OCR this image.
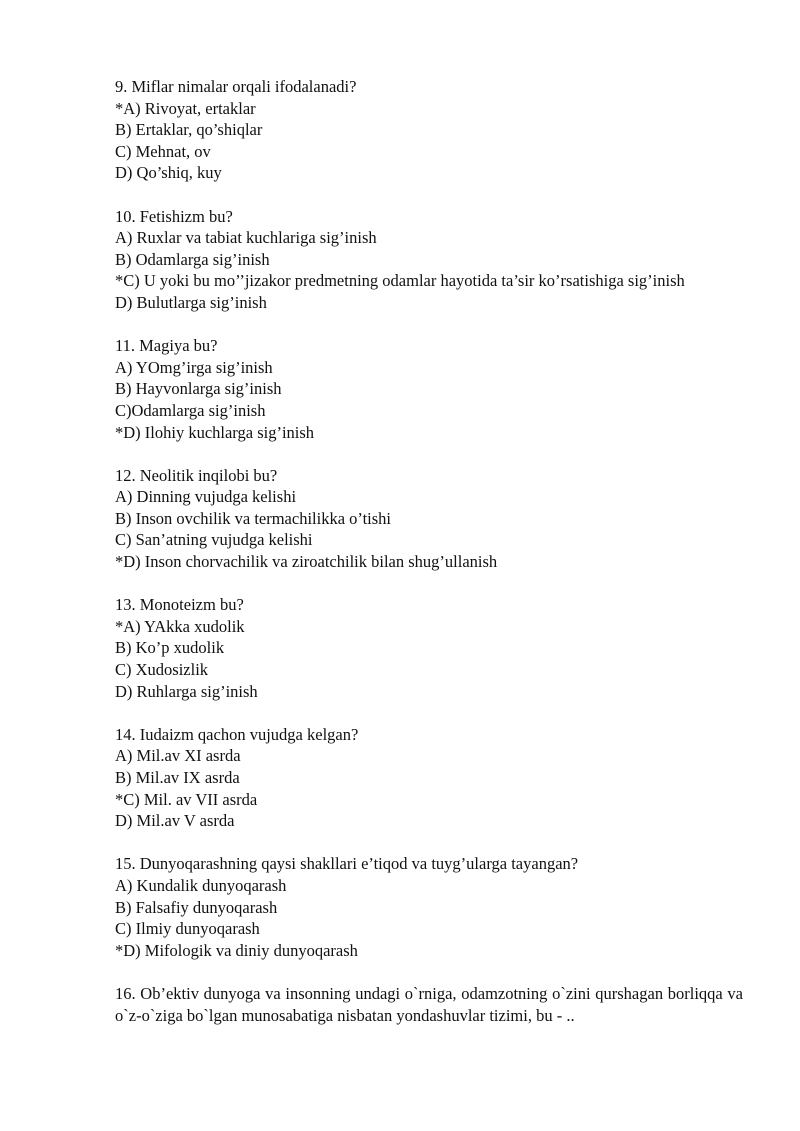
9. Miflar nimalar orqali ifodalanadi?

*A) Rivoyat, ertaklar

B) Ertaklar, qo’shiqlar

C) Mehnat, ov

D) Qo’shiq, kuy

10. Fetishizm bu?

A) Ruxlar va tabiat kuchlariga sig’inish

B) Odamlarga sig’inish

*C) U yoki bu mo’’jizakor predmetning odamlar hayotida ta’sir ko’rsatishiga sig’inish

D) Bulutlarga sig’inish

11. Magiya bu?

A) YOmg’irga sig’inish

B) Hayvonlarga sig’inish

C)Odamlarga sig’inish

*D) Ilohiy kuchlarga sig’inish

12. Neolitik inqilobi bu?

A) Dinning vujudga kelishi

B) Inson ovchilik va termachilikka o’tishi

C) San’atning vujudga kelishi

*D) Inson chorvachilik va ziroatchilik bilan shug’ullanish

13. Monoteizm bu?

*A) YAkka xudolik

B) Ko’p xudolik

C) Xudosizlik

D) Ruhlarga sig’inish

14. Iudaizm qachon vujudga kelgan?

A) Mil.av XI asrda

B) Mil.av IX asrda

*C) Mil. av VII asrda

D) Mil.av V asrda

15. Dunyoqarashning qaysi shakllari e’tiqod va tuyg’ularga tayangan?

A) Kundalik dunyoqarash

B) Falsafiy dunyoqarash

C) Ilmiy dunyoqarash

*D) Mifologik va diniy dunyoqarash

16. Ob’ektiv dunyoga va insonning undagi o`rniga, odamzotning o`zini qurshagan borliqqa va o`z-o`ziga bo`lgan munosabatiga nisbatan yondashuvlar tizimi, bu - ..
